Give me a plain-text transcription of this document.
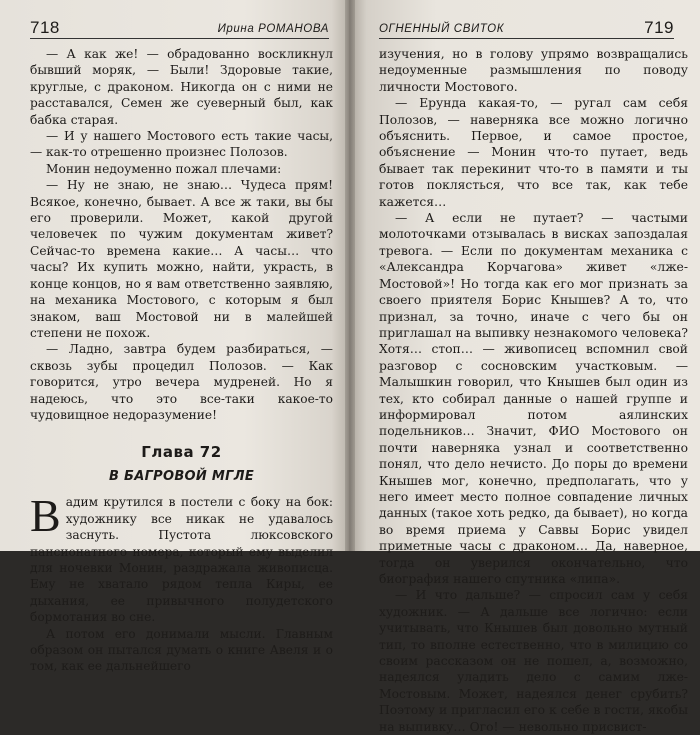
718	Ирина РОМАНОВА

— А как же! — обрадованно воскликнул бывший моряк, — Были! Здоровые такие, круглые, с драконом. Никогда он с ними не расставался, Семен же суеверный был, как бабка старая.

— И у нашего Мостового есть такие часы, — как-то отрешенно произнес Полозов.

Монин недоуменно пожал плечами:

— Ну не знаю, не знаю… Чудеса прям! Всякое, конечно, бывает. А все ж таки, вы бы его проверили. Может, какой другой человечек по чужим документам живет? Сейчас-то времена какие… А часы… что часы? Их купить можно, найти, украсть, в конце концов, но я вам ответственно заявляю, на механика Мостового, с которым я был знаком, ваш Мостовой ни в малейшей степени не похож.

— Ладно, завтра будем разбираться, — сквозь зубы процедил Полозов. — Как говорится, утро вечера мудреней. Но я надеюсь, что это все-таки какое-то чудовищное недоразумение!

Глава 72
В БАГРОВОЙ МГЛЕ

Вадим крутился в постели с боку на бок: художнику все никак не удавалось заснуть. Пустота люксовского пансионатного номера, который ему выделил для ночевки Монин, раздражала живописца. Ему не хватало рядом тепла Киры, ее дыхания, ее привычного полудетского бормотания во сне.

А потом его донимали мысли. Главным образом он пытался думать о книге Авеля и о том, как ее дальнейшего

ОГНЕННЫЙ СВИТОК	719

изучения, но в голову упрямо возвращались недоуменные размышления по поводу личности Мостового.

— Ерунда какая-то, — ругал сам себя Полозов, — наверняка все можно логично объяснить. Первое, и самое простое, объяснение — Монин что-то путает, ведь бывает так перекинит что-то в памяти и ты готов поклясться, что все так, как тебе кажется…

— А если не путает? — частыми молоточками отзывалась в висках запоздалая тревога. — Если по документам механика с «Александра Корчагова» живет «лже-Мостовой»! Но тогда как его мог признать за своего приятеля Борис Кнышев? А то, что признал, за точно, иначе с чего бы он приглашал на выпивку незнакомого человека? Хотя… стоп… — живописец вспомнил свой разговор с сосновским участковым. — Малышкин говорил, что Кнышев был один из тех, кто собирал данные о нашей группе и информировал потом аялинских подельников… Значит, ФИО Мостового он почти наверняка узнал и соответственно понял, что дело нечисто. До поры до времени Кнышев мог, конечно, предполагать, что у него имеет место полное совпадение личных данных (такое хоть редко, да бывает), но когда во время приема у Саввы Борис увидел приметные часы с драконом… Да, наверное, тогда он уверился окончательно, что биография нашего спутника «липа».

— И что дальше? — спросил сам у себя художник. — А дальше все логично: если учитывать, что Кнышев был довольно мутный тип, то вполне естественно, что в милицию со своим рассказом он не пошел, а, возможно, надеялся уладить дело с самим лже-Мостовым. Может, надеялся денег срубить? Поэтому и пригласил его к себе в гости, якобы на выпивку… Ого! — невольно присвист-
